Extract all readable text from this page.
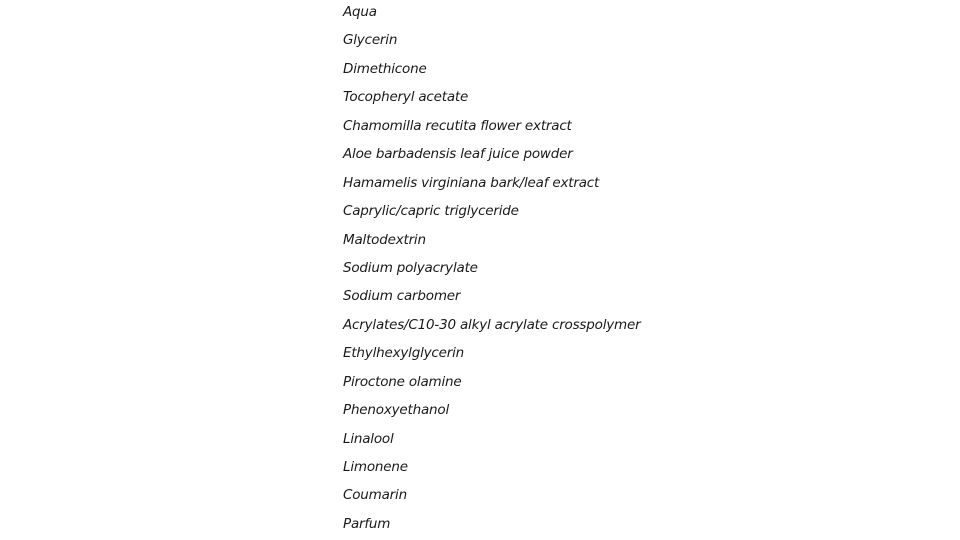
Aqua
Glycerin
Dimethicone
Tocopheryl acetate
Chamomilla recutita flower extract
Aloe barbadensis leaf juice powder
Hamamelis virginiana bark/leaf extract
Caprylic/capric triglyceride
Maltodextrin
Sodium polyacrylate
Sodium carbomer
Acrylates/C10-30 alkyl acrylate crosspolymer
Ethylhexylglycerin
Piroctone olamine
Phenoxyethanol
Linalool
Limonene
Coumarin
Parfum
